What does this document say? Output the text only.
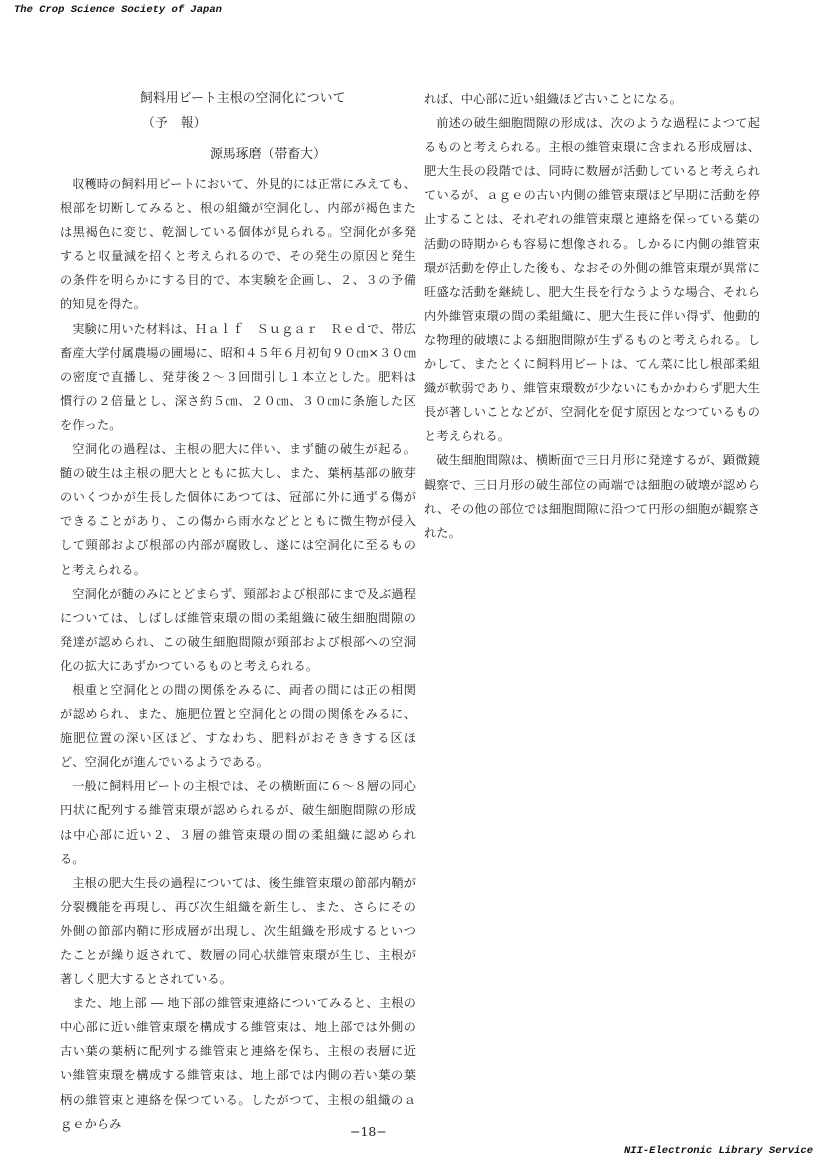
The Crop Science Society of Japan
飼料用ビート主根の空洞化について
（予　報）
源馬琢磨（帯畜大）

収穫時の飼料用ビートにおいて、外見的には正常にみえても、根部を切断してみると、根の組織が空洞化し、内部が褐色または黒褐色に変じ、乾涸している個体が見られる。空洞化が多発すると収量減を招くと考えられるので、その発生の原因と発生の条件を明らかにする目的で、本実験を企画し、２、３の予備的知見を得た。

実験に用いた材料は、Ｈａｌｆ　Ｓｕｇａｒ　Ｒｅｄで、帯広畜産大学付属農場の圃場に、昭和４５年６月初旬９０㎝×３０㎝の密度で直播し、発芽後２〜３回間引し１本立とした。肥料は慣行の２倍量とし、深さ約５㎝、２０㎝、３０㎝に条施した区を作った。

空洞化の過程は、主根の肥大に伴い、まず髄の破生が起る。髄の破生は主根の肥大とともに拡大し、また、葉柄基部の腋芽のいくつかが生長した個体にあつては、冠部に外に通ずる傷ができることがあり、この傷から雨水などとともに微生物が侵入して頸部および根部の内部が腐敗し、遂には空洞化に至るものと考えられる。

空洞化が髄のみにとどまらず、頸部および根部にまで及ぶ過程については、しばしば維管束環の間の柔組織に破生細胞間隙の発達が認められ、この破生細胞間隙が頸部および根部への空洞化の拡大にあずかつているものと考えられる。

根重と空洞化との間の関係をみるに、両者の間には正の相関が認められ、また、施肥位置と空洞化との間の関係をみるに、施肥位置の深い区ほど、すなわち、肥料がおそききする区ほど、空洞化が進んでいるようである。

一般に飼料用ビートの主根では、その横断面に６〜８層の同心円状に配列する維管束環が認められるが、破生細胞間隙の形成は中心部に近い２、３層の維管束環の間の柔組織に認められる。

主根の肥大生長の過程については、後生維管束環の節部内鞘が分裂機能を再現し、再び次生組織を新生し、また、さらにその外側の節部内鞘に形成層が出現し、次生組織を形成するといつたことが繰り返されて、数層の同心状維管束環が生じ、主根が著しく肥大するとされている。

また、地上部 ― 地下部の維管束連絡についてみると、主根の中心部に近い維管束環を構成する維管束は、地上部では外側の古い葉の葉柄に配列する維管束と連絡を保ち、主根の表層に近い維管束環を構成する維管束は、地上部では内側の若い葉の葉柄の維管束と連絡を保つている。したがつて、主根の組織のａｇｅからみ

れば、中心部に近い組織ほど古いことになる。

前述の破生細胞間隙の形成は、次のような過程によつて起るものと考えられる。主根の維管束環に含まれる形成層は、肥大生長の段階では、同時に数層が活動していると考えられているが、ａｇｅの古い内側の維管束環ほど早期に活動を停止することは、それぞれの維管束環と連絡を保っている葉の活動の時期からも容易に想像される。しかるに内側の維管束環が活動を停止した後も、なおその外側の維管束環が異常に旺盛な活動を継続し、肥大生長を行なうような場合、それら内外維管束環の間の柔組織に、肥大生長に伴い得ず、他動的な物理的破壊による細胞間隙が生ずるものと考えられる。しかして、またとくに飼料用ビートは、てん菜に比し根部柔組織が軟弱であり、維管束環数が少ないにもかかわらず肥大生長が著しいことなどが、空洞化を促す原因となつているものと考えられる。

破生細胞間隙は、横断面で三日月形に発達するが、顕微鏡観察で、三日月形の破生部位の両端では細胞の破壊が認められ、その他の部位では細胞間隙に沿つて円形の細胞が観察された。

−18−
NII-Electronic Library Service
